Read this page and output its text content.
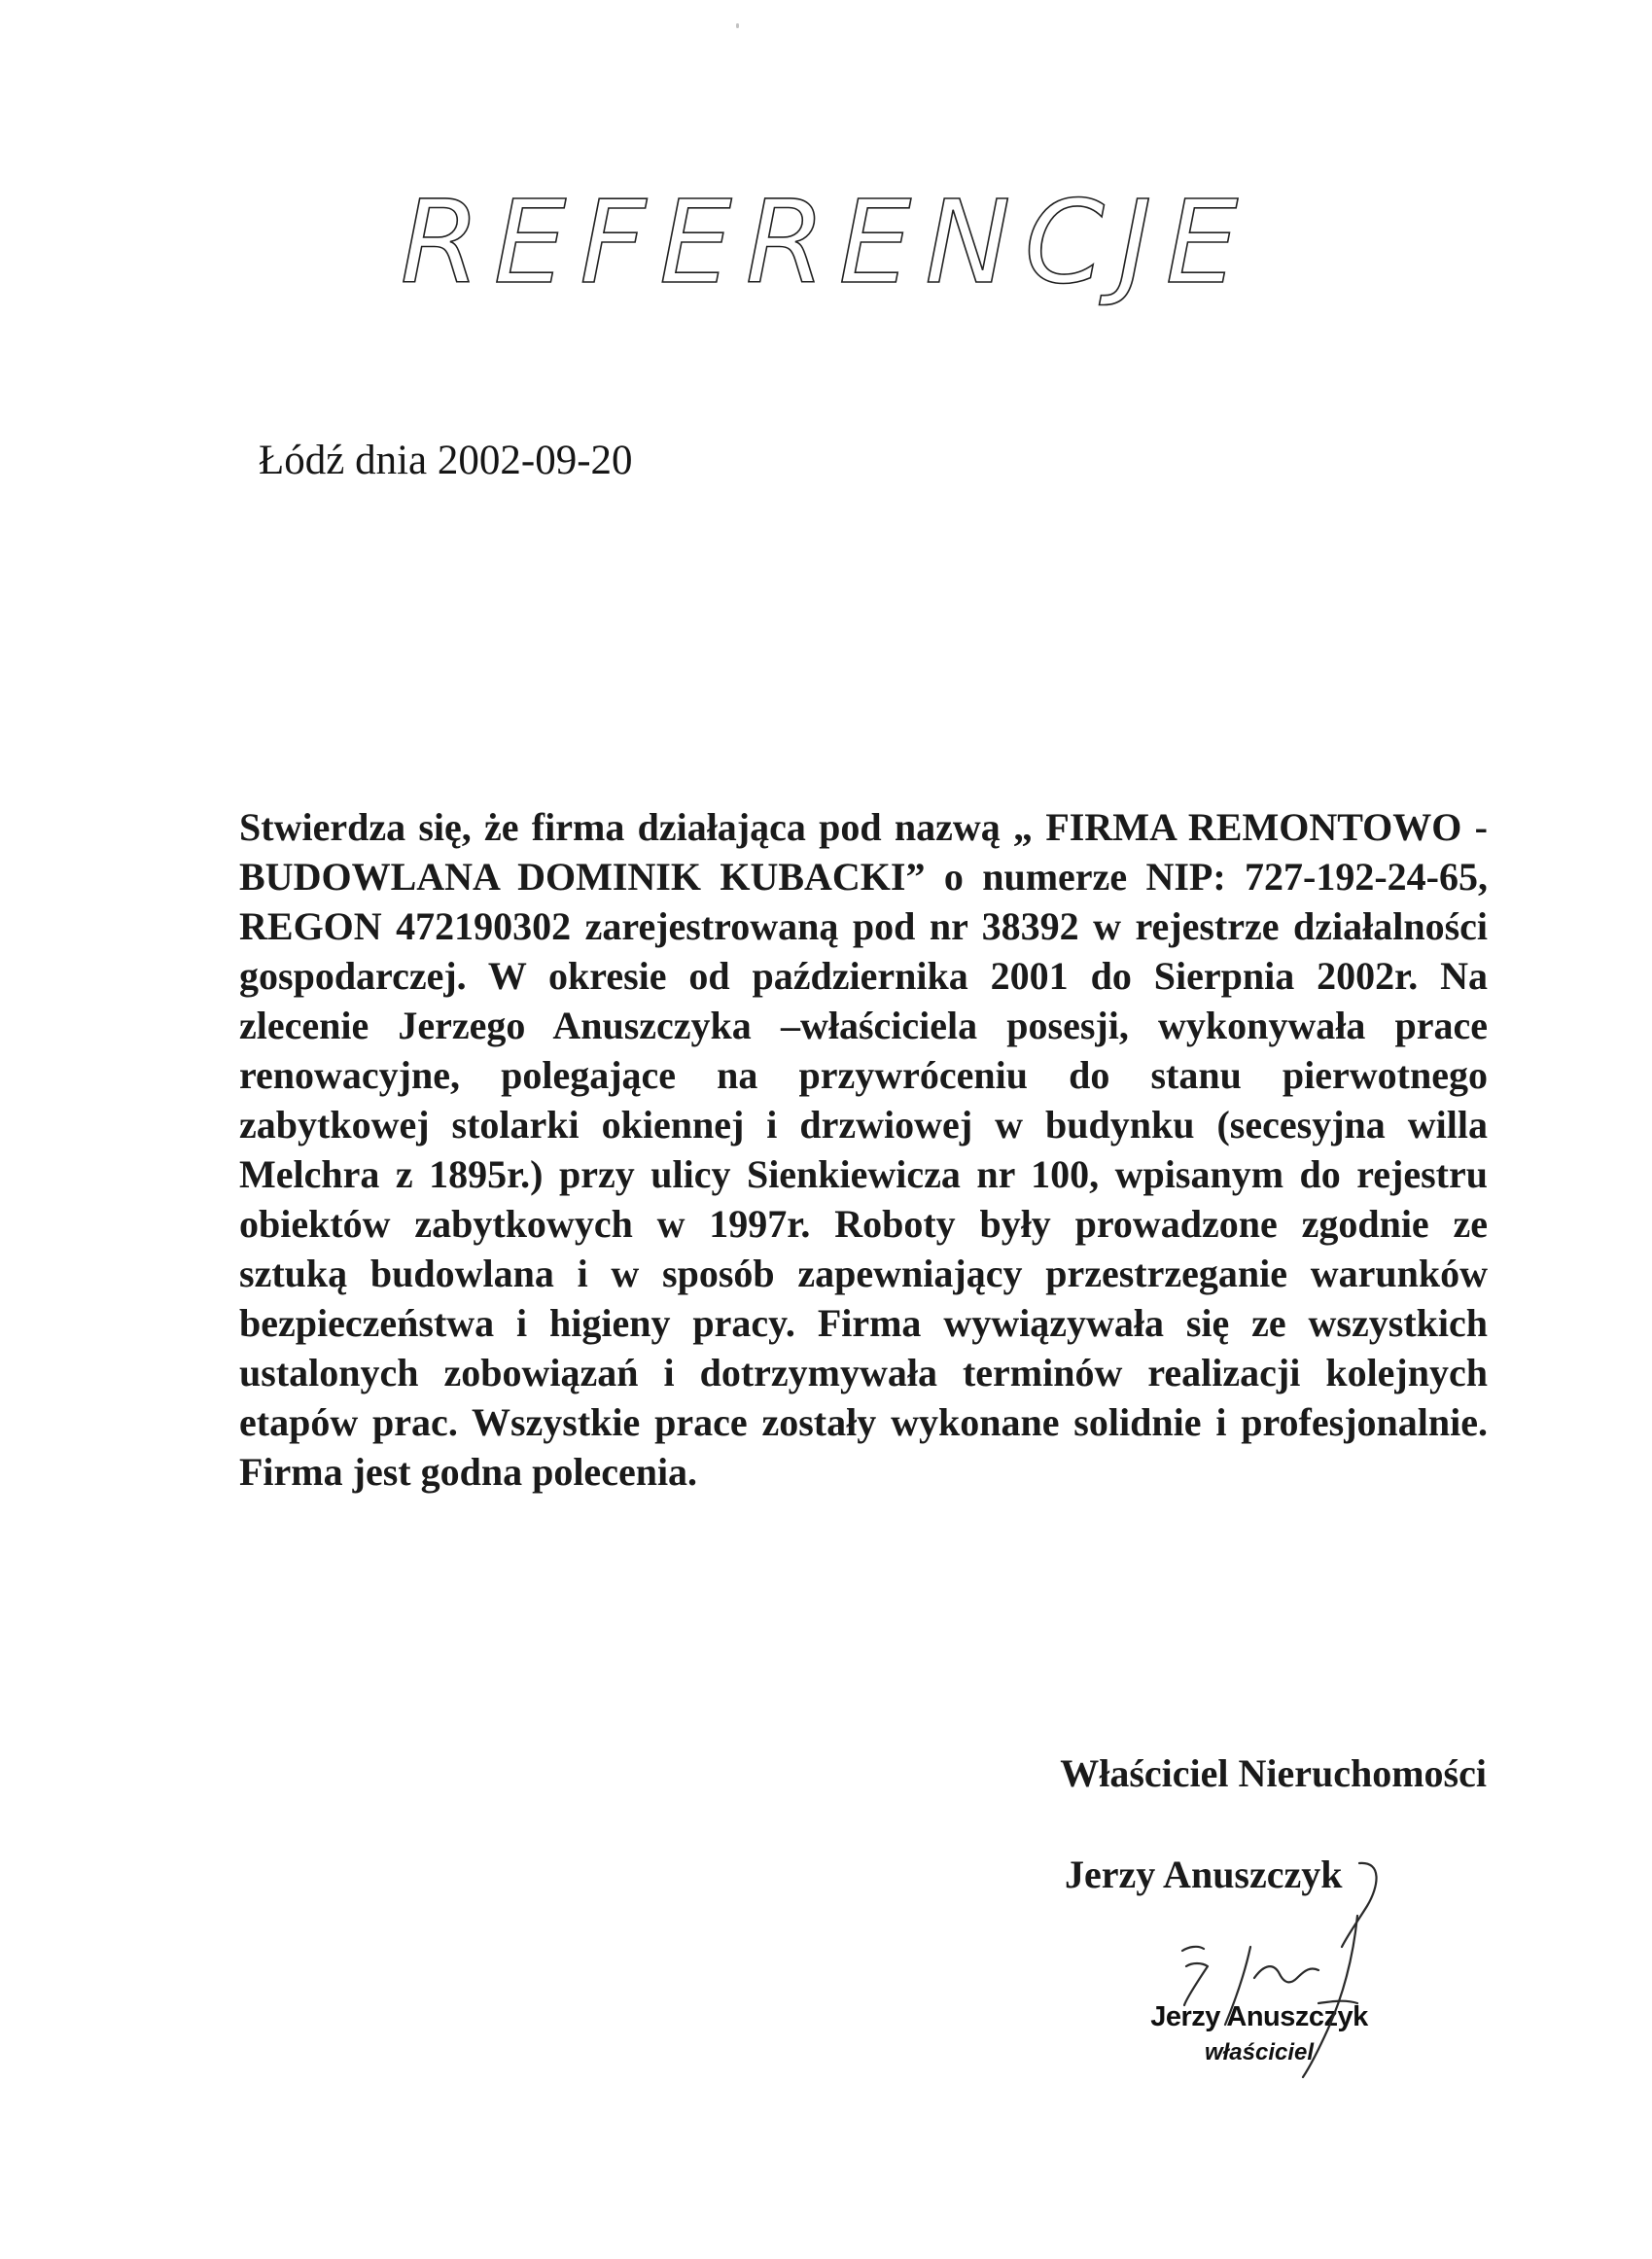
REFERENCJE
Łódź dnia 2002-09-20

Stwierdza się, że firma działająca pod nazwą „ FIRMA REMONTOWO - BUDOWLANA DOMINIK KUBACKI” o numerze NIP: 727-192-24-65, REGON 472190302 zarejestrowaną pod nr 38392 w rejestrze działalności gospodarczej. W okresie od października 2001 do Sierpnia 2002r. Na zlecenie Jerzego Anuszczyka –właściciela posesji, wykonywała prace renowacyjne, polegające na przywróceniu do stanu pierwotnego zabytkowej stolarki okiennej i drzwiowej w budynku (secesyjna willa Melchra z 1895r.) przy ulicy Sienkiewicza nr 100, wpisanym do rejestru obiektów zabytkowych w 1997r. Roboty były prowadzone zgodnie ze sztuką budowlana i w sposób zapewniający przestrzeganie warunków bezpieczeństwa i higieny pracy. Firma wywiązywała się ze wszystkich ustalonych zobowiązań i dotrzymywała terminów realizacji kolejnych etapów prac. Wszystkie prace zostały wykonane solidnie i profesjonalnie. Firma jest godna polecenia.

Właściciel Nieruchomości
Jerzy Anuszczyk
Jerzy Anuszczyk
właściciel
